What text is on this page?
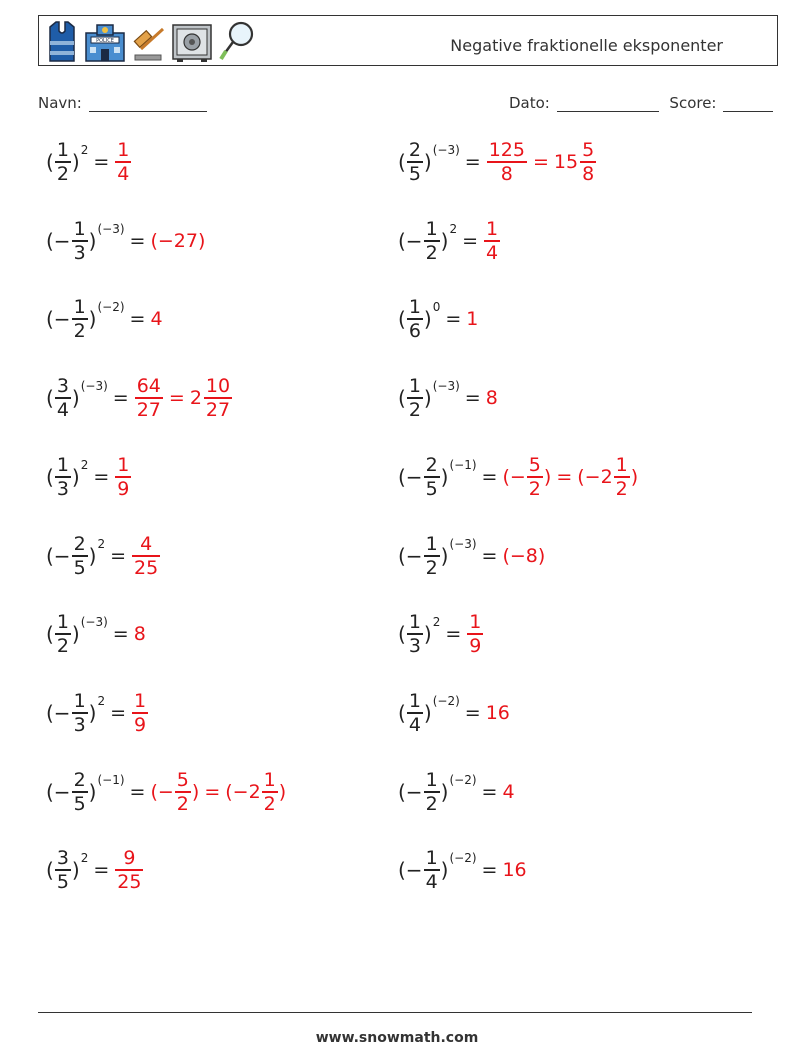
POLICE	Negative fraktionelle eksponenter
Navn:	Dato:	Score:
( $\frac{1}{2}$ ) 2
= $\frac{1}{4}$
(− $\frac{1}{3}$ ) (−3)
= (−27)
(− $\frac{1}{2}$ ) (−2)
= 4
( $\frac{3}{4}$ ) (−3)
= $\frac{64}{27} = 2 \frac{10}{27}$
( $\frac{1}{3}$ ) 2
= $\frac{1}{9}$
(− $\frac{2}{5}$ ) 2
= $\frac{4}{25}$
( $\frac{1}{2}$ ) (−3)
= 8
(− $\frac{1}{3}$ ) 2
= $\frac{1}{9}$
(− $\frac{2}{5}$ ) (−1)
= (− $\frac{5}{2}$ ) = ($-2 \frac{1}{2}$ )
( $\frac{3}{5}$ ) 2
= $\frac{9}{25}$
( $\frac{2}{5}$ ) (−3)
= $\frac{125}{8} = 15 \frac{5}{8}$
(− $\frac{1}{2}$ ) 2
= $\frac{1}{4}$
( $\frac{1}{6}$ ) 0
= 1
( $\frac{1}{2}$ ) (−3)
= 8
(− $\frac{2}{5}$ ) (−1)
= (− $\frac{5}{2}$ ) = ($-2 \frac{1}{2}$ )
(− $\frac{1}{2}$ ) (−3)
= (−8)
( $\frac{1}{3}$ ) 2
= $\frac{1}{9}$
( $\frac{1}{4}$ ) (−2)
= 16
(− $\frac{1}{2}$ ) (−2)
= 4
(− $\frac{1}{4}$ ) (−2)
= 16
www.snowmath.com
